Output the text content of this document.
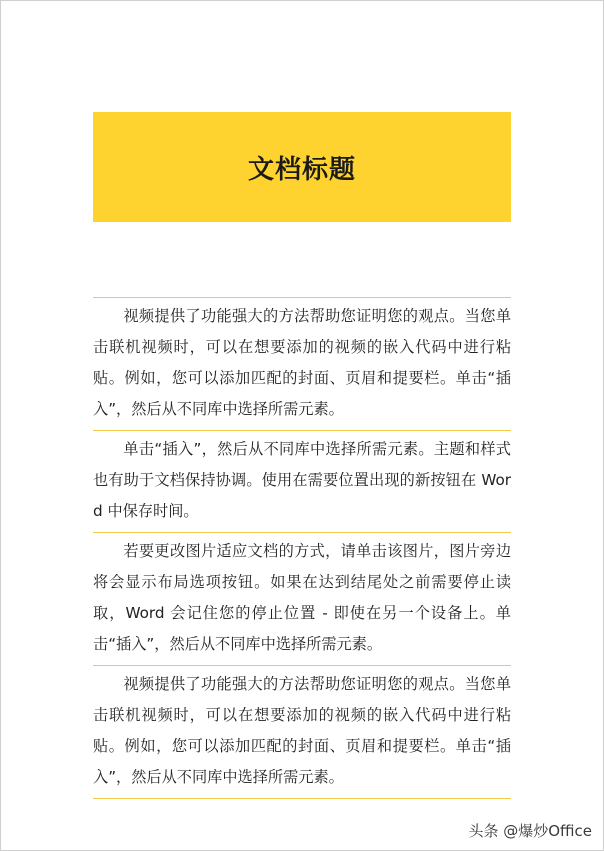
文档标题
视频提供了功能强大的方法帮助您证明您的观点。当您单击联机视频时，可以在想要添加的视频的嵌入代码中进行粘贴。例如，您可以添加匹配的封面、页眉和提要栏。单击“插入”，然后从不同库中选择所需元素。
单击“插入”，然后从不同库中选择所需元素。主题和样式也有助于文档保持协调。使用在需要位置出现的新按钮在 Word 中保存时间。
若要更改图片适应文档的方式，请单击该图片，图片旁边将会显示布局选项按钮。如果在达到结尾处之前需要停止读取，Word 会记住您的停止位置 - 即使在另一个设备上。单击“插入”，然后从不同库中选择所需元素。
视频提供了功能强大的方法帮助您证明您的观点。当您单击联机视频时，可以在想要添加的视频的嵌入代码中进行粘贴。例如，您可以添加匹配的封面、页眉和提要栏。单击“插入”，然后从不同库中选择所需元素。
头条 @爆炒Office
